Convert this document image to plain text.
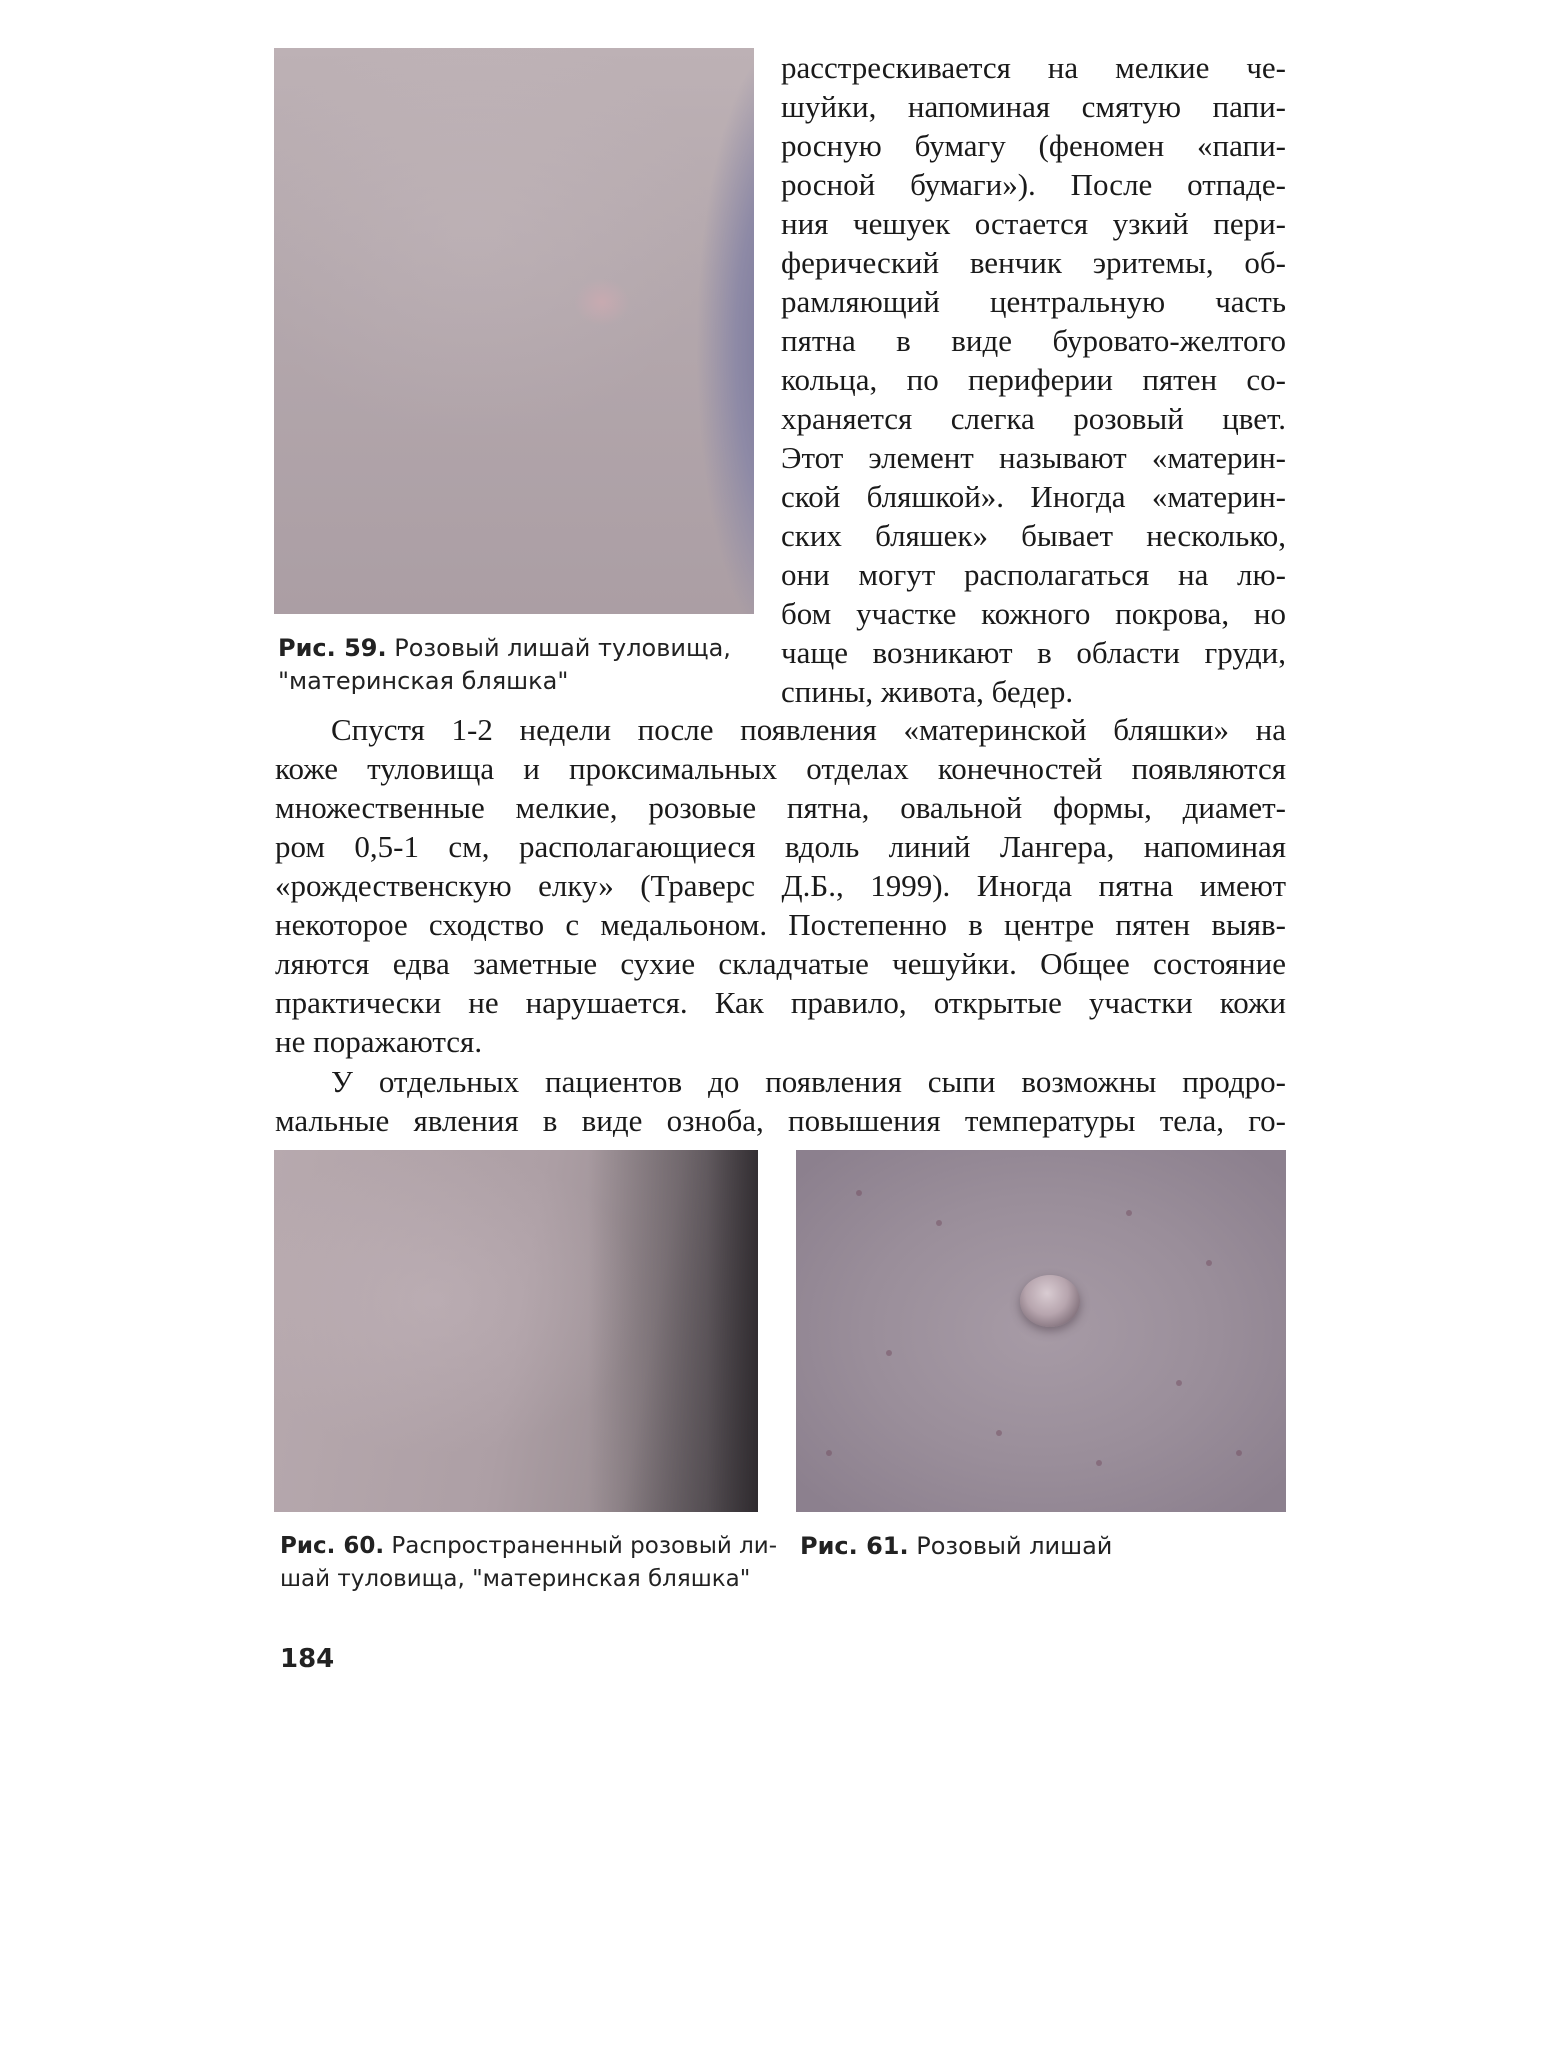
Рис. 59. Розовый лишай туловища,
"материнская бляшка"
расстрескивается на мелкие че-
шуйки, напоминая смятую папи-
росную бумагу (феномен «папи-
росной бумаги»). После отпаде-
ния чешуек остается узкий пери-
ферический венчик эритемы, об-
рамляющий центральную часть
пятна в виде буровато-желтого
кольца, по периферии пятен со-
храняется слегка розовый цвет.
Этот элемент называют «материн-
ской бляшкой». Иногда «материн-
ских бляшек» бывает несколько,
они могут располагаться на лю-
бом участке кожного покрова, но
чаще возникают в области груди,
спины, живота, бедер.
Спустя 1-2 недели после появления «материнской бляшки» на
коже туловища и проксимальных отделах конечностей появляются
множественные мелкие, розовые пятна, овальной формы, диамет-
ром 0,5-1 см, располагающиеся вдоль линий Лангера, напоминая
«рождественскую елку» (Траверс Д.Б., 1999). Иногда пятна имеют
некоторое сходство с медальоном. Постепенно в центре пятен выяв-
ляются едва заметные сухие складчатые чешуйки. Общее состояние
практически не нарушается. Как правило, открытые участки кожи
не поражаются.
У отдельных пациентов до появления сыпи возможны продро-
мальные явления в виде озноба, повышения температуры тела, го-
Рис. 60. Распространенный розовый ли-
шай туловища, "материнская бляшка"
Рис. 61. Розовый лишай
184
